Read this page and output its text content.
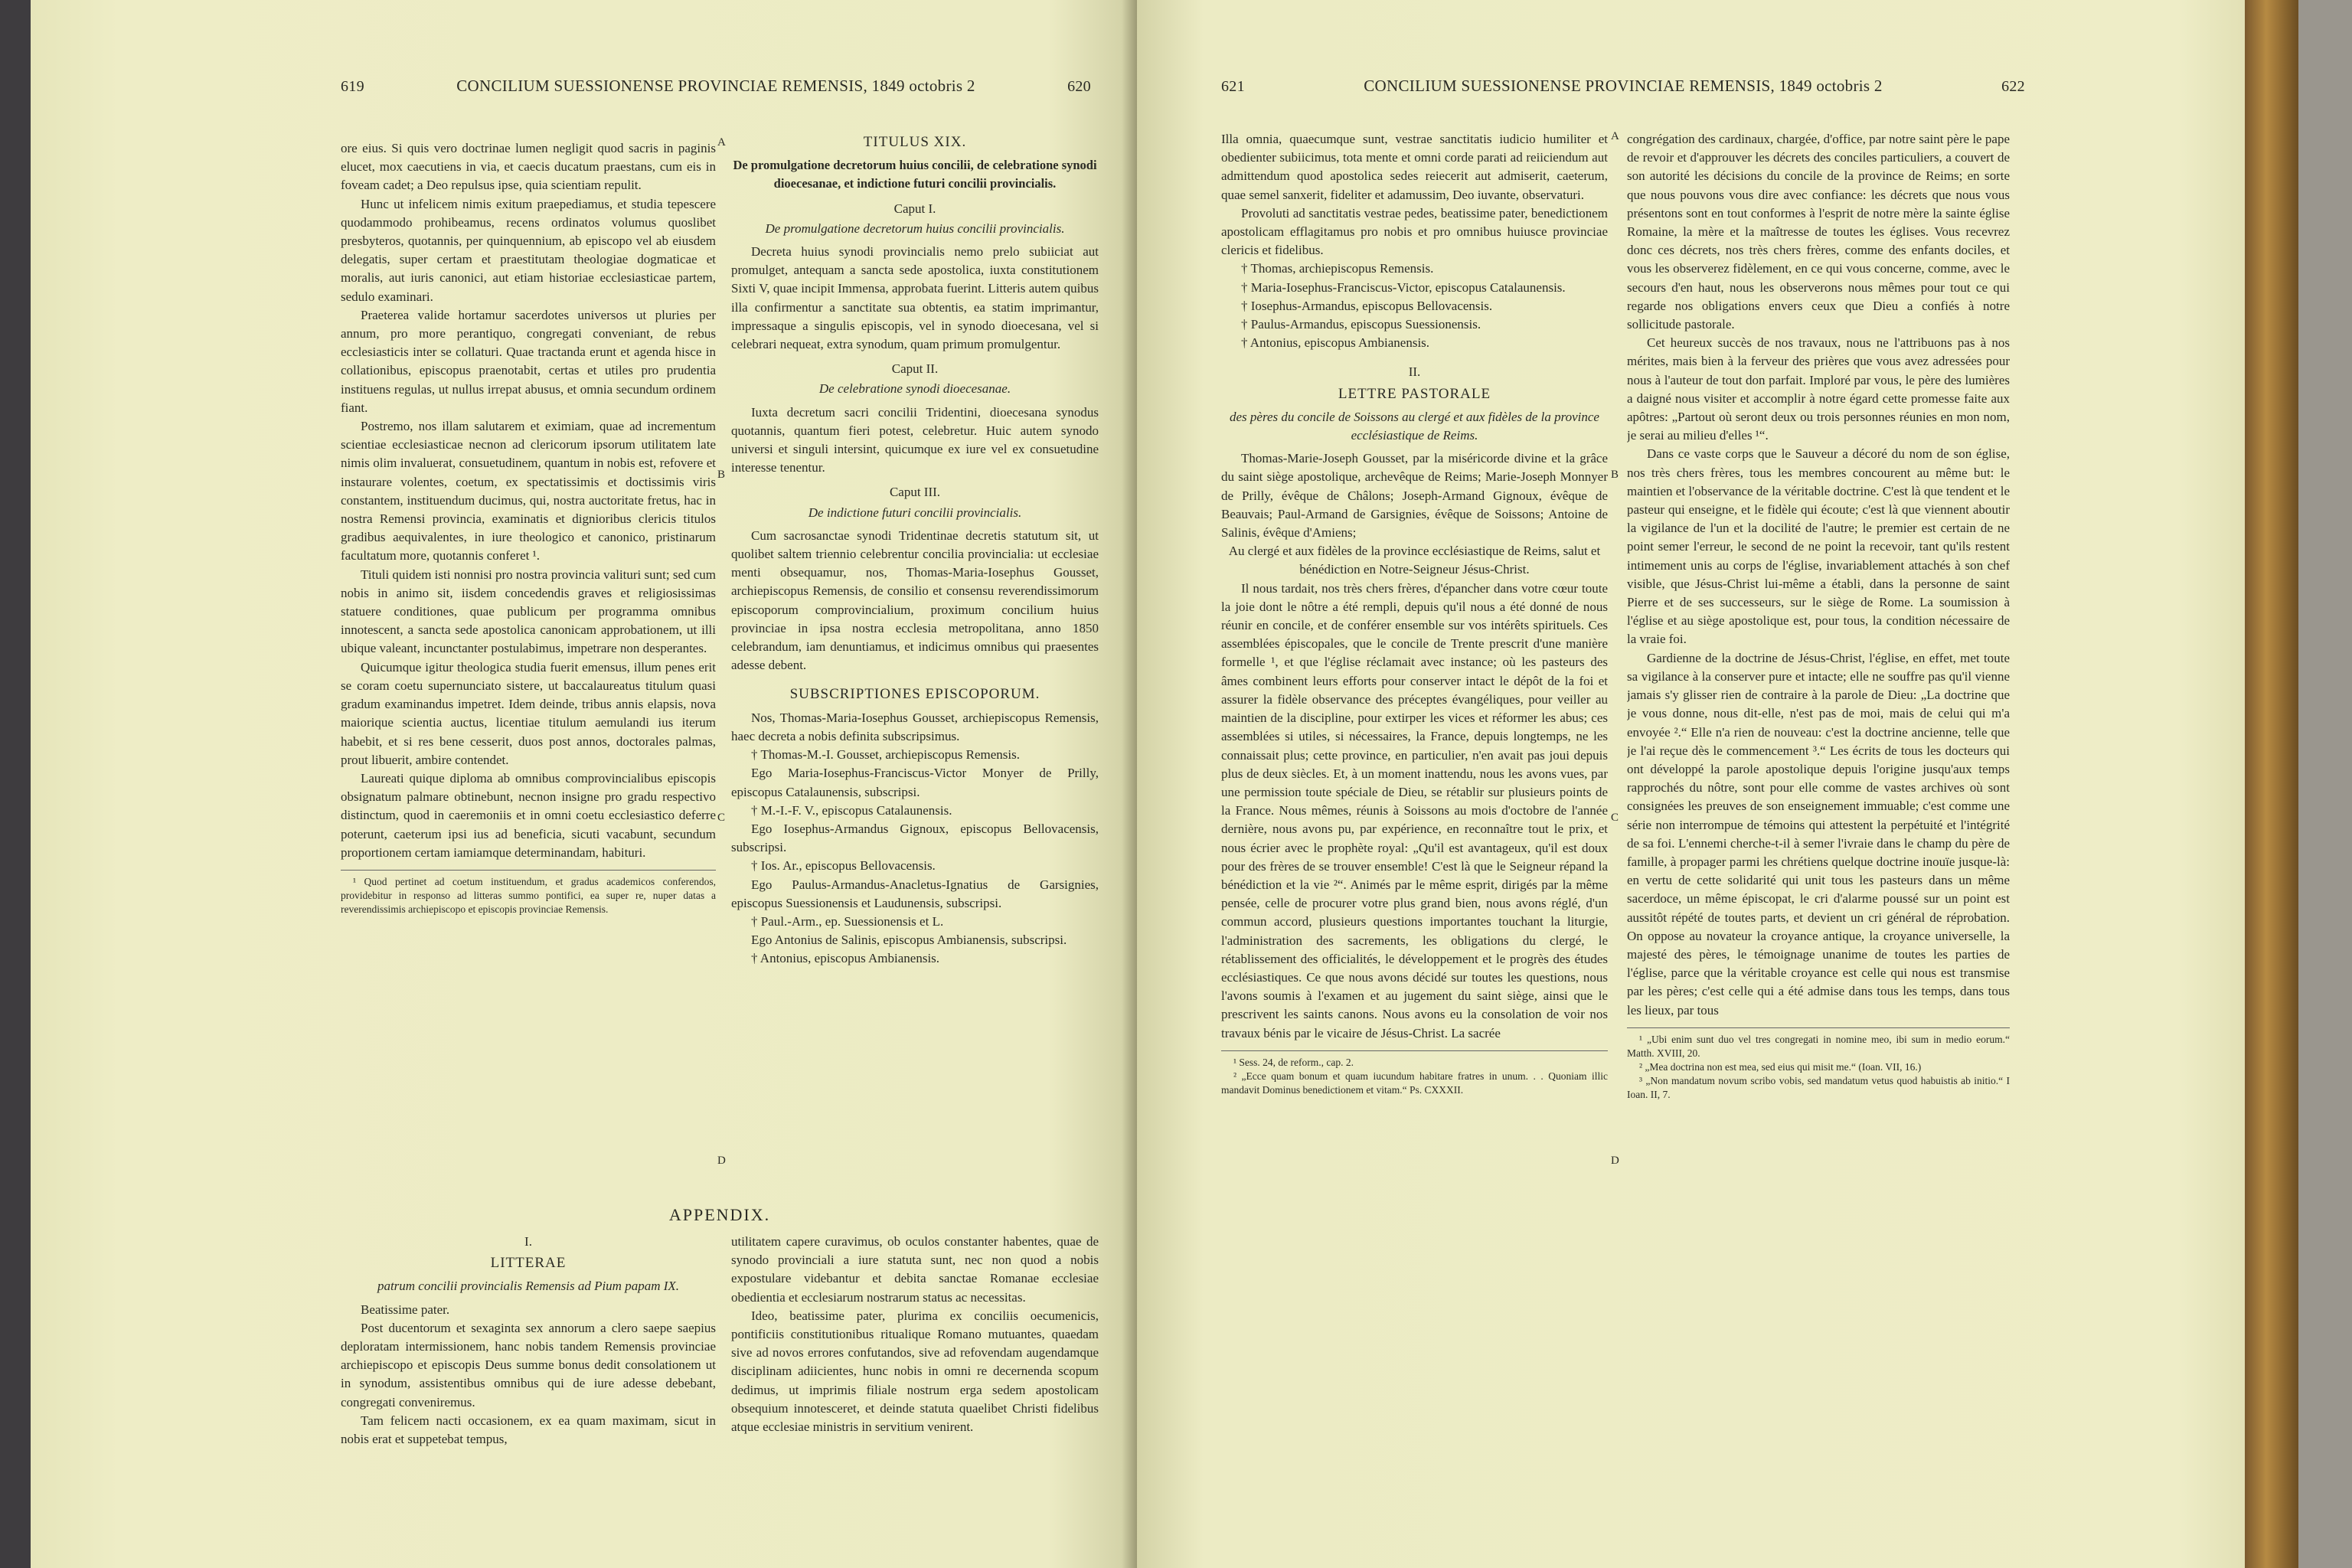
619	CONCILIUM SUESSIONENSE PROVINCIAE REMENSIS, 1849 octobris 2	620

ore eius. Si quis vero doctrinae lumen negligit quod sacris in paginis elucet, mox caecutiens in via, et caecis ducatum praestans, cum eis in foveam cadet; a Deo repulsus ipse, quia scientiam repulit.

Hunc ut infelicem nimis exitum praepediamus, et studia tepescere quodammodo prohibeamus, recens ordinatos volumus quoslibet presbyteros, quotannis, per quinquennium, ab episcopo vel ab eiusdem delegatis, super certam et praestitutam theologiae dogmaticae et moralis, aut iuris canonici, aut etiam historiae ecclesiasticae partem, sedulo examinari.

Praeterea valide hortamur sacerdotes universos ut pluries per annum, pro more perantiquo, congregati conveniant, de rebus ecclesiasticis inter se collaturi. Quae tractanda erunt et agenda hisce in collationibus, episcopus praenotabit, certas et utiles pro prudentia instituens regulas, ut nullus irrepat abusus, et omnia secundum ordinem fiant.

Postremo, nos illam salutarem et eximiam, quae ad incrementum scientiae ecclesiasticae necnon ad clericorum ipsorum utilitatem late nimis olim invaluerat, consuetudinem, quantum in nobis est, refovere et instaurare volentes, coetum, ex spectatissimis et doctissimis viris constantem, instituendum ducimus, qui, nostra auctoritate fretus, hac in nostra Remensi provincia, examinatis et dignioribus clericis titulos gradibus aequivalentes, in iure theologico et canonico, pristinarum facultatum more, quotannis conferet ¹.

Tituli quidem isti nonnisi pro nostra provincia valituri sunt; sed cum nobis in animo sit, iisdem concedendis graves et religiosissimas statuere conditiones, quae publicum per programma omnibus innotescent, a sancta sede apostolica canonicam approbationem, ut illi ubique valeant, incunctanter postulabimus, impetrare non desperantes.

Quicumque igitur theologica studia fuerit emensus, illum penes erit se coram coetu supernunciato sistere, ut baccalaureatus titulum quasi gradum examinandus impetret. Idem deinde, tribus annis elapsis, nova maiorique scientia auctus, licentiae titulum aemulandi ius iterum habebit, et si res bene cesserit, duos post annos, doctorales palmas, prout libuerit, ambire contendet.

Laureati quique diploma ab omnibus comprovincialibus episcopis obsignatum palmare obtinebunt, necnon insigne pro gradu respectivo distinctum, quod in caeremoniis et in omni coetu ecclesiastico deferre poterunt, caeterum ipsi ius ad beneficia, sicuti vacabunt, secundum proportionem certam iamiamque determinandam, habituri.

¹ Quod pertinet ad coetum instituendum, et gradus academicos conferendos, providebitur in responso ad litteras summo pontifici, ea super re, nuper datas a reverendissimis archiepiscopo et episcopis provinciae Remensis.

TITULUS XIX.
De promulgatione decretorum huius concilii, de celebratione synodi dioecesanae, et indictione futuri concilii provincialis.
Caput I.
De promulgatione decretorum huius concilii provincialis.

Decreta huius synodi provincialis nemo prelo subiiciat aut promulget, antequam a sancta sede apostolica, iuxta constitutionem Sixti V, quae incipit Immensa, approbata fuerint. Litteris autem quibus illa confirmentur a sanctitate sua obtentis, ea statim imprimantur, impressaque a singulis episcopis, vel in synodo dioecesana, vel si celebrari nequeat, extra synodum, quam primum promulgentur.

Caput II.
De celebratione synodi dioecesanae.

Iuxta decretum sacri concilii Tridentini, dioecesana synodus quotannis, quantum fieri potest, celebretur. Huic autem synodo universi et singuli intersint, quicumque ex iure vel ex consuetudine interesse tenentur.

Caput III.
De indictione futuri concilii provincialis.

Cum sacrosanctae synodi Tridentinae decretis statutum sit, ut quolibet saltem triennio celebrentur concilia provincialia: ut ecclesiae menti obsequamur, nos, Thomas-Maria-Iosephus Gousset, archiepiscopus Remensis, de consilio et consensu reverendissimorum episcoporum comprovincialium, proximum concilium huius provinciae in ipsa nostra ecclesia metropolitana, anno 1850 celebrandum, iam denuntiamus, et indicimus omnibus qui praesentes adesse debent.

SUBSCRIPTIONES EPISCOPORUM.

Nos, Thomas-Maria-Iosephus Gousset, archiepiscopus Remensis, haec decreta a nobis definita subscripsimus.

† Thomas-M.-I. Gousset, archiepiscopus Remensis.

Ego Maria-Iosephus-Franciscus-Victor Monyer de Prilly, episcopus Catalaunensis, subscripsi.

† M.-I.-F. V., episcopus Catalaunensis.

Ego Iosephus-Armandus Gignoux, episcopus Bellovacensis, subscripsi.

† Ios. Ar., episcopus Bellovacensis.

Ego Paulus-Armandus-Anacletus-Ignatius de Garsignies, episcopus Suessionensis et Laudunensis, subscripsi.

† Paul.-Arm., ep. Suessionensis et L.

Ego Antonius de Salinis, episcopus Ambianensis, subscripsi.

† Antonius, episcopus Ambianensis.

APPENDIX.
I.
LITTERAE
patrum concilii provincialis Remensis ad Pium papam IX.

Beatissime pater.

Post ducentorum et sexaginta sex annorum a clero saepe saepius deploratam intermissionem, hanc nobis tandem Remensis provinciae archiepiscopo et episcopis Deus summe bonus dedit consolationem ut in synodum, assistentibus omnibus qui de iure adesse debebant, congregati conveniremus.

Tam felicem nacti occasionem, ex ea quam maximam, sicut in nobis erat et suppetebat tempus,

utilitatem capere curavimus, ob oculos constanter habentes, quae de synodo provinciali a iure statuta sunt, nec non quod a nobis expostulare videbantur et debita sanctae Romanae ecclesiae obedientia et ecclesiarum nostrarum status ac necessitas.

Ideo, beatissime pater, plurima ex conciliis oecumenicis, pontificiis constitutionibus ritualique Romano mutuantes, quaedam sive ad novos errores confutandos, sive ad refovendam augendamque disciplinam adiicientes, hunc nobis in omni re decernenda scopum dedimus, ut imprimis filiale nostrum erga sedem apostolicam obsequium innotesceret, et deinde statuta quaelibet Christi fidelibus atque ecclesiae ministris in servitium venirent.

A
B
C
D
621	CONCILIUM SUESSIONENSE PROVINCIAE REMENSIS, 1849 octobris 2	622

Illa omnia, quaecumque sunt, vestrae sanctitatis iudicio humiliter et obedienter subiicimus, tota mente et omni corde parati ad reiiciendum aut admittendum quod apostolica sedes reiecerit aut admiserit, caeterum, quae semel sanxerit, fideliter et adamussim, Deo iuvante, observaturi.

Provoluti ad sanctitatis vestrae pedes, beatissime pater, benedictionem apostolicam efflagitamus pro nobis et pro omnibus huiusce provinciae clericis et fidelibus.

† Thomas, archiepiscopus Remensis.

† Maria-Iosephus-Franciscus-Victor, episcopus Catalaunensis.

† Iosephus-Armandus, episcopus Bellovacensis.

† Paulus-Armandus, episcopus Suessionensis.

† Antonius, episcopus Ambianensis.

II.
LETTRE PASTORALE
des pères du concile de Soissons au clergé et aux fidèles de la province ecclésiastique de Reims.

Thomas-Marie-Joseph Gousset, par la miséricorde divine et la grâce du saint siège apostolique, archevêque de Reims; Marie-Joseph Monnyer de Prilly, évêque de Châlons; Joseph-Armand Gignoux, évêque de Beauvais; Paul-Armand de Garsignies, évêque de Soissons; Antoine de Salinis, évêque d'Amiens;

Au clergé et aux fidèles de la province ecclésiastique de Reims, salut et bénédiction en Notre-Seigneur Jésus-Christ.

Il nous tardait, nos très chers frères, d'épancher dans votre cœur toute la joie dont le nôtre a été rempli, depuis qu'il nous a été donné de nous réunir en concile, et de conférer ensemble sur vos intérêts spirituels. Ces assemblées épiscopales, que le concile de Trente prescrit d'une manière formelle ¹, et que l'église réclamait avec instance; où les pasteurs des âmes combinent leurs efforts pour conserver intact le dépôt de la foi et assurer la fidèle observance des préceptes évangéliques, pour veiller au maintien de la discipline, pour extirper les vices et réformer les abus; ces assemblées si utiles, si nécessaires, la France, depuis longtemps, ne les connaissait plus; cette province, en particulier, n'en avait pas joui depuis plus de deux siècles. Et, à un moment inattendu, nous les avons vues, par une permission toute spéciale de Dieu, se rétablir sur plusieurs points de la France. Nous mêmes, réunis à Soissons au mois d'octobre de l'année dernière, nous avons pu, par expérience, en reconnaître tout le prix, et nous écrier avec le prophète royal: „Qu'il est avantageux, qu'il est doux pour des frères de se trouver ensemble! C'est là que le Seigneur répand la bénédiction et la vie ²“. Animés par le même esprit, dirigés par la même pensée, celle de procurer votre plus grand bien, nous avons réglé, d'un commun accord, plusieurs questions importantes touchant la liturgie, l'administration des sacrements, les obligations du clergé, le rétablissement des officialités, le développement et le progrès des études ecclésiastiques. Ce que nous avons décidé sur toutes les questions, nous l'avons soumis à l'examen et au jugement du saint siège, ainsi que le prescrivent les saints canons. Nous avons eu la consolation de voir nos travaux bénis par le vicaire de Jésus-Christ. La sacrée

¹ Sess. 24, de reform., cap. 2.

² „Ecce quam bonum et quam iucundum habitare fratres in unum. . . Quoniam illic mandavit Dominus benedictionem et vitam.“ Ps. CXXXII.

congrégation des cardinaux, chargée, d'office, par notre saint père le pape de revoir et d'approuver les décrets des conciles particuliers, a couvert de son autorité les décisions du concile de la province de Reims; en sorte que nous pouvons vous dire avec confiance: les décrets que nous vous présentons sont en tout conformes à l'esprit de notre mère la sainte église Romaine, la mère et la maîtresse de toutes les églises. Vous recevrez donc ces décrets, nos très chers frères, comme des enfants dociles, et vous les observerez fidèlement, en ce qui vous concerne, comme, avec le secours d'en haut, nous les observerons nous mêmes pour tout ce qui regarde nos obligations envers ceux que Dieu a confiés à notre sollicitude pastorale.

Cet heureux succès de nos travaux, nous ne l'attribuons pas à nos mérites, mais bien à la ferveur des prières que vous avez adressées pour nous à l'auteur de tout don parfait. Imploré par vous, le père des lumières a daigné nous visiter et accomplir à notre égard cette promesse faite aux apôtres: „Partout où seront deux ou trois personnes réunies en mon nom, je serai au milieu d'elles ¹“.

Dans ce vaste corps que le Sauveur a décoré du nom de son église, nos très chers frères, tous les membres concourent au même but: le maintien et l'observance de la véritable doctrine. C'est là que tendent et le pasteur qui enseigne, et le fidèle qui écoute; c'est là que viennent aboutir la vigilance de l'un et la docilité de l'autre; le premier est certain de ne point semer l'erreur, le second de ne point la recevoir, tant qu'ils restent intimement unis au corps de l'église, invariablement attachés à son chef visible, que Jésus-Christ lui-même a établi, dans la personne de saint Pierre et de ses successeurs, sur le siège de Rome. La soumission à l'église et au siège apostolique est, pour tous, la condition nécessaire de la vraie foi.

Gardienne de la doctrine de Jésus-Christ, l'église, en effet, met toute sa vigilance à la conserver pure et intacte; elle ne souffre pas qu'il vienne jamais s'y glisser rien de contraire à la parole de Dieu: „La doctrine que je vous donne, nous dit-elle, n'est pas de moi, mais de celui qui m'a envoyée ².“ Elle n'a rien de nouveau: c'est la doctrine ancienne, telle que je l'ai reçue dès le commencement ³.“ Les écrits de tous les docteurs qui ont développé la parole apostolique depuis l'origine jusqu'aux temps rapprochés du nôtre, sont pour elle comme de vastes archives où sont consignées les preuves de son enseignement immuable; c'est comme une série non interrompue de témoins qui attestent la perpétuité et l'intégrité de sa foi. L'ennemi cherche-t-il à semer l'ivraie dans le champ du père de famille, à propager parmi les chrétiens quelque doctrine inouïe jusque-là: en vertu de cette solidarité qui unit tous les pasteurs dans un même sacerdoce, un même épiscopat, le cri d'alarme poussé sur un point est aussitôt répété de toutes parts, et devient un cri général de réprobation. On oppose au novateur la croyance antique, la croyance universelle, la majesté des pères, le témoignage unanime de toutes les parties de l'église, parce que la véritable croyance est celle qui nous est transmise par les pères; c'est celle qui a été admise dans tous les temps, dans tous les lieux, par tous

¹ „Ubi enim sunt duo vel tres congregati in nomine meo, ibi sum in medio eorum.“ Matth. XVIII, 20.

² „Mea doctrina non est mea, sed eius qui misit me.“ (Ioan. VII, 16.)

³ „Non mandatum novum scribo vobis, sed mandatum vetus quod habuistis ab initio.“ I Ioan. II, 7.

A
B
C
D
